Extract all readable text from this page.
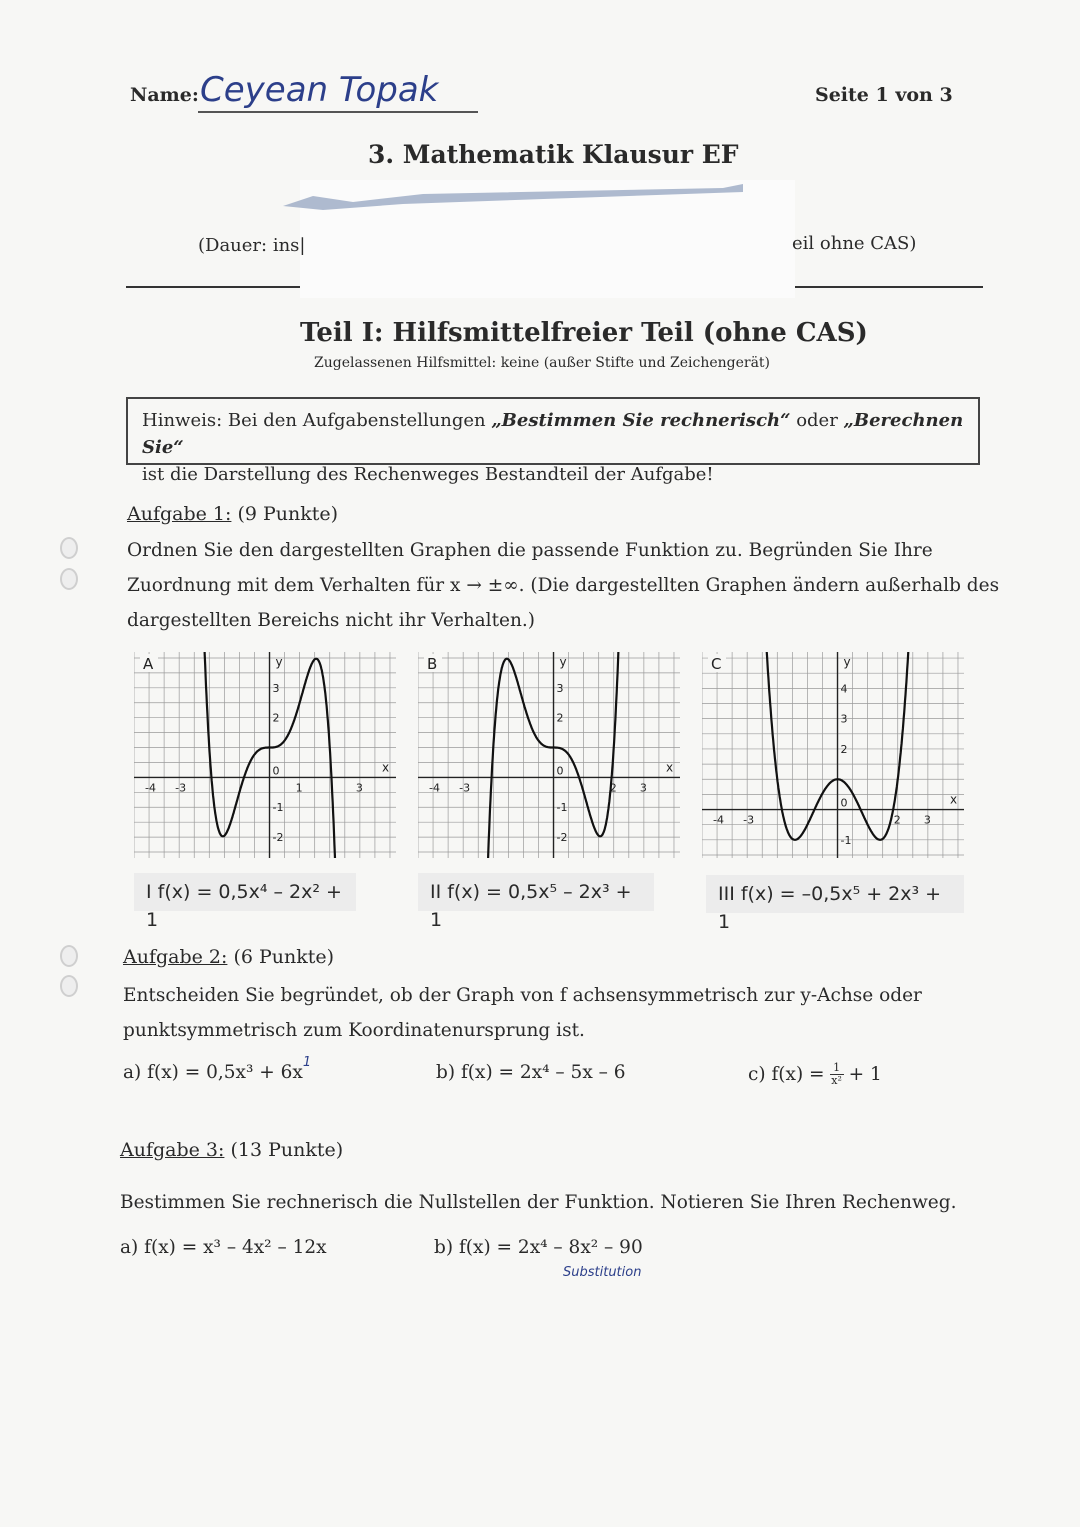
Name: Ceyean Topak	Seite 1 von 3
3. Mathematik Klausur EF
(Dauer: ins|	eil ohne CAS)
Teil I: Hilfsmittelfreier Teil (ohne CAS)
Zugelassenen Hilfsmittel: keine (außer Stifte und Zeichengerät)
Hinweis: Bei den Aufgabenstellungen „Bestimmen Sie rechnerisch“ oder „Berechnen Sie“
ist die Darstellung des Rechenweges Bestandteil der Aufgabe!
Aufgabe 1: (9 Punkte)
Ordnen Sie den dargestellten Graphen die passende Funktion zu. Begründen Sie Ihre
Zuordnung mit dem Verhalten für x → ±∞. (Die dargestellten Graphen ändern außerhalb des
dargestellten Bereichs nicht ihr Verhalten.)
-4 -3	1	3
3
2
-1
-2
0
A	y
x
-4 -3	2 3
3
2
-1
-2
0
B	y
x
-4 -3	2 3
4
3
2
-1
0
C	y
x
I f(x) = 0,5x⁴ – 2x² + 1
II f(x) = 0,5x⁵ – 2x³ + 1
III f(x) = –0,5x⁵ + 2x³ + 1
Aufgabe 2: (6 Punkte)
Entscheiden Sie begründet, ob der Graph von f achsensymmetrisch zur y-Achse oder
punktsymmetrisch zum Koordinatenursprung ist.
a) $f(x) = 0,5x^3 + 6x^1$	b) f(x) = 2x⁴ – 5x – 6	c) $f(x) = \frac{1}{\text{x²}} + 1$
Aufgabe 3: (13 Punkte)
Bestimmen Sie rechnerisch die Nullstellen der Funktion. Notieren Sie Ihren Rechenweg.
a) f(x) = x³ – 4x² – 12x	b) f(x) = 2x⁴ – 8x² – 90
Substitution
